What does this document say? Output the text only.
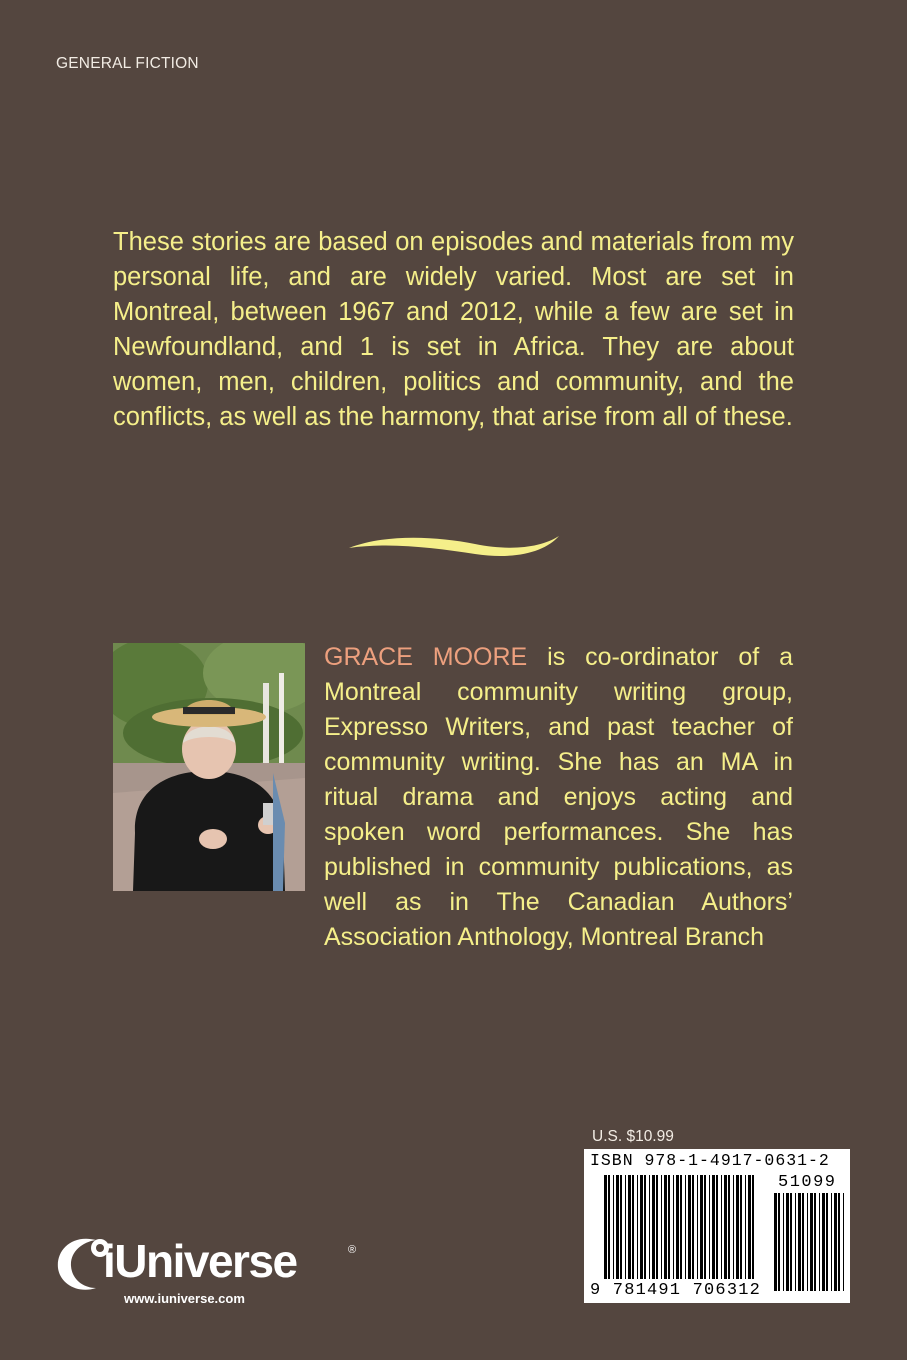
GENERAL FICTION

These stories are based on episodes and materials from my personal life, and are widely varied. Most are set in Montreal, between 1967 and 2012, while a few are set in Newfoundland, and 1 is set in Africa. They are about women, men, children, politics and community, and the conflicts, as well as the harmony, that arise from all of these.

GRACE MOORE is co-ordinator of a Montreal community writing group, Expresso Writers, and past teacher of community writing. She has an MA in ritual drama and enjoys acting and spoken word performances. She has published in community publications, as well as in The Canadian Authors’ Association Anthology, Montreal Branch

U.S. $10.99
ISBN 978-1-4917-0631-2
51099
9 781491 706312
iUniverse	®
www.iuniverse.com
